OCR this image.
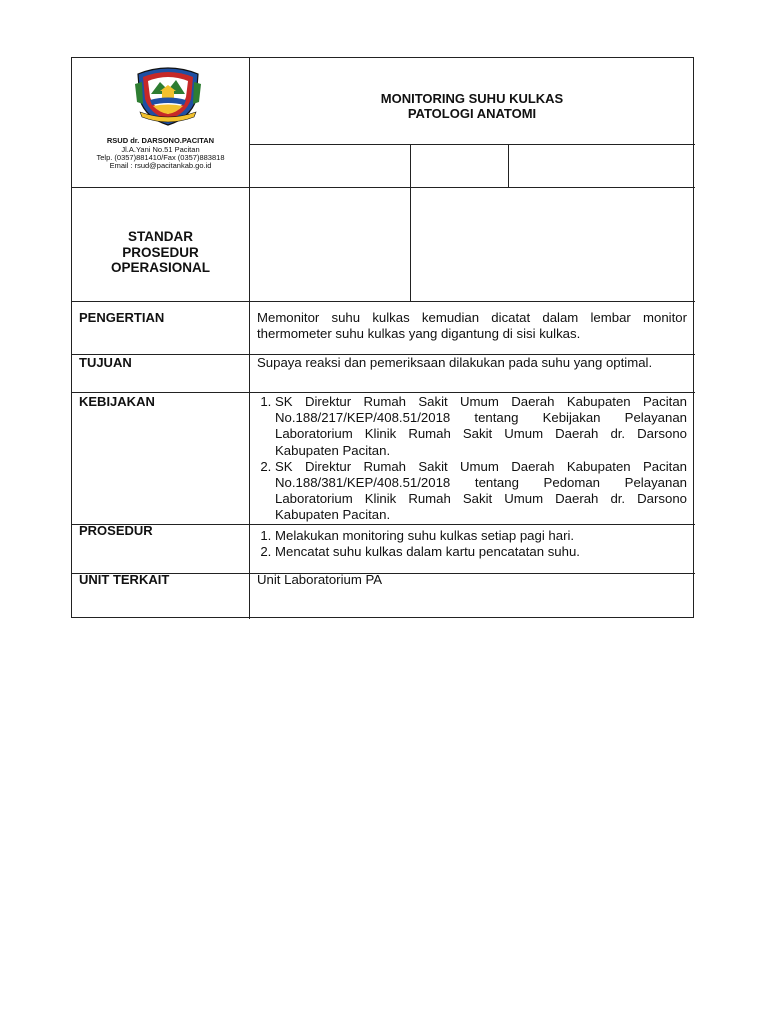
RSUD dr. DARSONO.PACITAN
Jl.A.Yani No.51 Pacitan
Telp. (0357)881410/Fax (0357)883818
Email : rsud@pacitankab.go.id
MONITORING SUHU KULKAS
PATOLOGI ANATOMI
STANDAR
PROSEDUR
OPERASIONAL
PENGERTIAN	Memonitor suhu kulkas kemudian dicatat dalam lembar monitor thermometer suhu kulkas yang digantung di sisi kulkas.
TUJUAN	Supaya reaksi dan pemeriksaan dilakukan pada suhu yang optimal.
KEBIJAKAN	1. SK Direktur Rumah Sakit Umum Daerah Kabupaten Pacitan No.188/217/KEP/408.51/2018 tentang Kebijakan Pelayanan Laboratorium Klinik Rumah Sakit Umum Daerah dr. Darsono Kabupaten Pacitan.
2. SK Direktur Rumah Sakit Umum Daerah Kabupaten Pacitan No.188/381/KEP/408.51/2018 tentang Pedoman Pelayanan Laboratorium Klinik Rumah Sakit Umum Daerah dr. Darsono Kabupaten Pacitan.
PROSEDUR	1. Melakukan monitoring suhu kulkas setiap pagi hari.
2. Mencatat suhu kulkas dalam kartu pencatatan suhu.
UNIT TERKAIT	Unit Laboratorium PA
